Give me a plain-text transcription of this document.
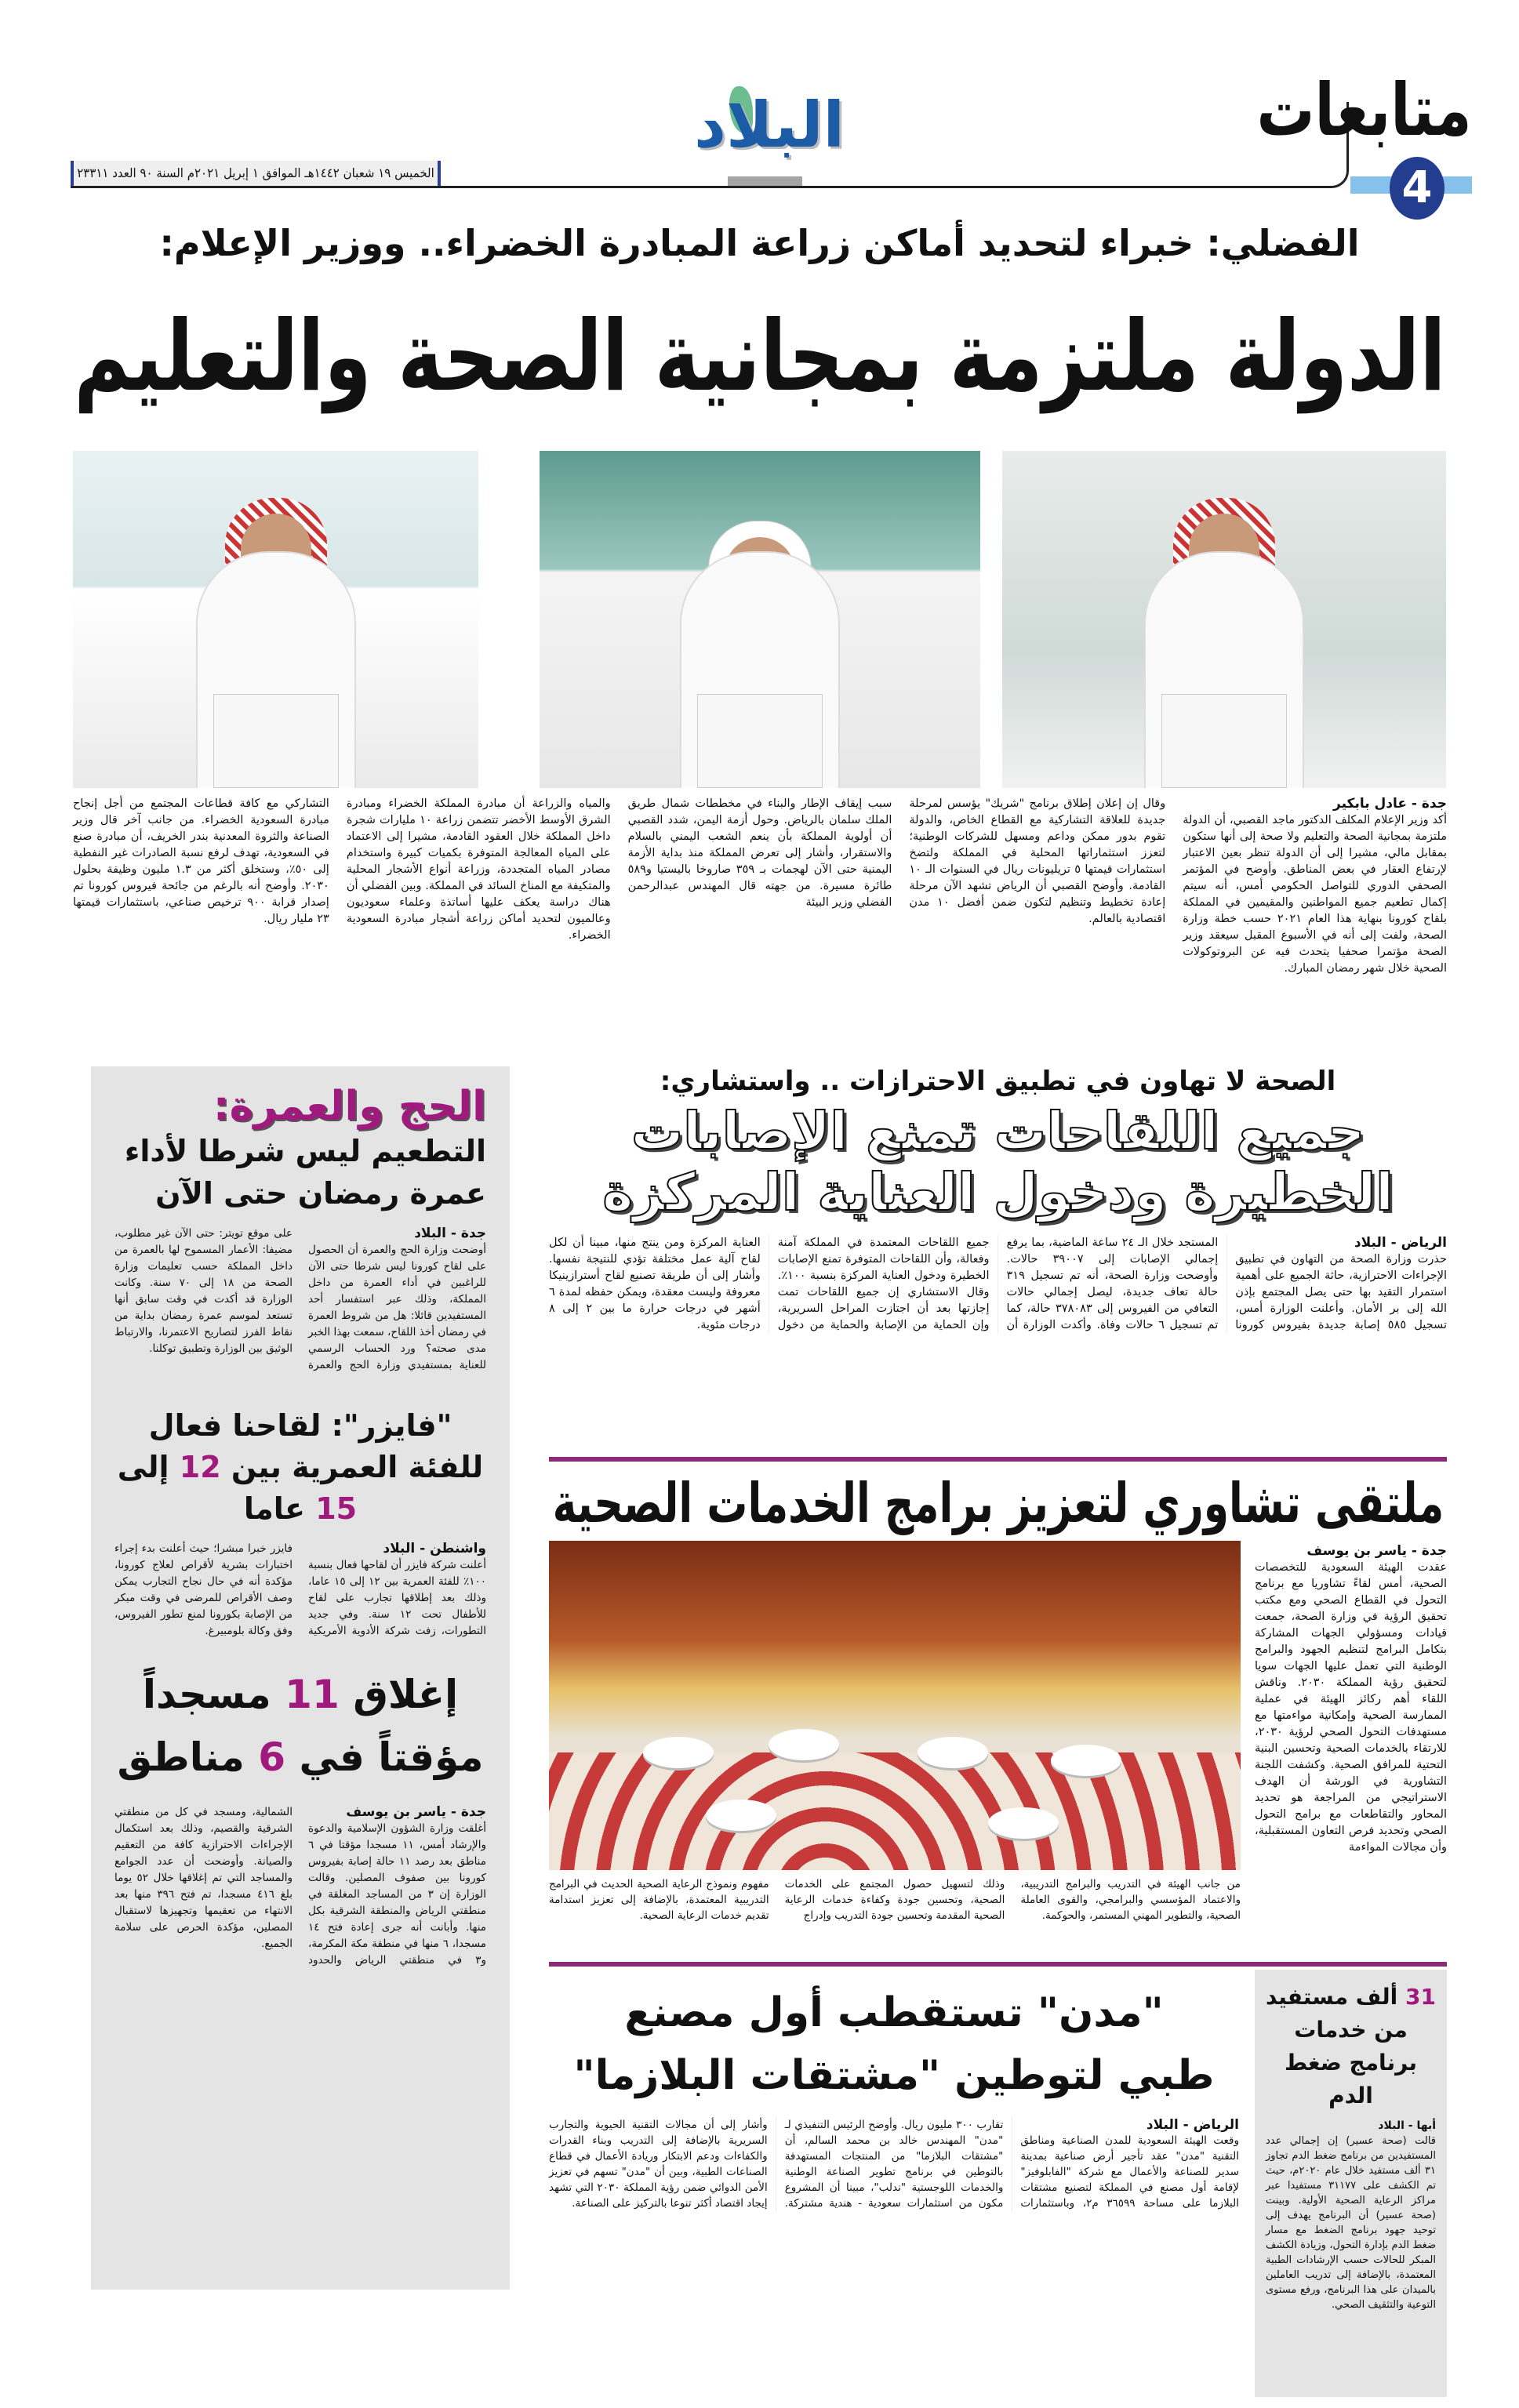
متابعات
4
البلاد
الخميس ١٩ شعبان ١٤٤٢هـ الموافق ١ إبريل ٢٠٢١م السنة ٩٠ العدد ٢٣٣١١
الفضلي: خبراء لتحديد أماكن زراعة المبادرة الخضراء.. ووزير الإعلام:
الدولة ملتزمة بمجانية الصحة والتعليم
جدة - عادل بابكير

أكد وزير الإعلام المكلف الدكتور ماجد القصبي، أن الدولة ملتزمة بمجانية الصحة والتعليم ولا صحة إلى أنها ستكون بمقابل مالي، مشيرا إلى أن الدولة تنظر بعين الاعتبار لإرتفاع العقار في بعض المناطق. وأوضح في المؤتمر الصحفي الدوري للتواصل الحكومي أمس، أنه سيتم إكمال تطعيم جميع المواطنين والمقيمين في المملكة بلقاح كورونا بنهاية هذا العام ٢٠٢١ حسب خطة وزارة الصحة، ولفت إلى أنه في الأسبوع المقبل سيعقد وزير الصحة مؤتمرا صحفيا يتحدث فيه عن البروتوكولات الصحية خلال شهر رمضان المبارك.

وقال إن إعلان إطلاق برنامج "شريك" يؤسس لمرحلة جديدة للعلاقة التشاركية مع القطاع الخاص، والدولة تقوم بدور ممكن وداعم ومسهل للشركات الوطنية؛ لتعزز استثماراتها المحلية في المملكة ولتضخ استثمارات قيمتها ٥ تريليونات ريال في السنوات الـ ١٠ القادمة. وأوضح القصبي أن الرياض تشهد الآن مرحلة إعادة تخطيط وتنظيم لتكون ضمن أفضل ١٠ مدن اقتصادية بالعالم.

سبب إيقاف الإطار والبناء في مخططات شمال طريق الملك سلمان بالرياض. وحول أزمة اليمن، شدد القصبي أن أولوية المملكة بأن ينعم الشعب اليمني بالسلام والاستقرار، وأشار إلى تعرض المملكة منذ بداية الأزمة اليمنية حتى الآن لهجمات بـ ٣٥٩ صاروخا باليستيا و٥٨٩ طائرة مسيرة. من جهته قال المهندس عبدالرحمن الفضلي وزير البيئة

والمياه والزراعة أن مبادرة المملكة الخضراء ومبادرة الشرق الأوسط الأخضر تتضمن زراعة ١٠ مليارات شجرة داخل المملكة خلال العقود القادمة، مشيرا إلى الاعتماد على المياه المعالجة المتوفرة بكميات كبيرة واستخدام مصادر المياه المتجددة، وزراعة أنواع الأشجار المحلية والمتكيفة مع المناخ السائد في المملكة. وبين الفضلي أن هناك دراسة يعكف عليها أساتذة وعلماء سعوديون وعالميون لتحديد أماكن زراعة أشجار مبادرة السعودية الخضراء.

التشاركي مع كافة قطاعات المجتمع من أجل إنجاح مبادرة السعودية الخضراء. من جانب آخر قال وزير الصناعة والثروة المعدنية بندر الخريف، أن مبادرة صنع في السعودية، تهدف لرفع نسبة الصادرات غير النفطية إلى ٥٠٪، وستخلق أكثر من ١.٣ مليون وظيفة بحلول ٢٠٣٠. وأوضح أنه بالرغم من جائحة فيروس كورونا تم إصدار قرابة ٩٠٠ ترخيص صناعي، باستثمارات قيمتها ٢٣ مليار ريال.

الحج والعمرة:
التطعيم ليس شرطا لأداء عمرة رمضان حتى الآن
جدة - البلاد
أوضحت وزارة الحج والعمرة أن الحصول على لقاح كورونا ليس شرطا حتى الآن للراغبين في أداء العمرة من داخل المملكة، وذلك عبر استفسار أحد المستفيدين قائلا: هل من شروط العمرة في رمضان أخذ اللقاح، سمعت بهذا الخبر مدى صحته؟ ورد الحساب الرسمي للعناية بمستفيدي وزارة الحج والعمرة على موقع تويتر: حتى الآن غير مطلوب، مضيفا: الأعمار المسموح لها بالعمرة من داخل المملكة حسب تعليمات وزارة الصحة من ١٨ إلى ٧٠ سنة. وكانت الوزارة قد أكدت في وقت سابق أنها تستعد لموسم عمرة رمضان بداية من نقاط الفرز لتصاريح الاعتمرنا، والارتباط الوثيق بين الوزارة وتطبيق توكلنا.
"فايزر": لقاحنا فعال للفئة العمرية بين 12 إلى 15 عاما
واشنطن - البلاد
أعلنت شركة فايزر أن لقاحها فعال بنسبة ١٠٠٪ للفئة العمرية بين ١٢ إلى ١٥ عاما، وذلك بعد إطلاقها تجارب على لقاح للأطفال تحت ١٢ سنة. وفي جديد التطورات، زفت شركة الأدوية الأمريكية فايزر خبرا مبشرا؛ حيث أعلنت بدء إجراء اختبارات بشرية لأقراص لعلاج كورونا، مؤكدة أنه في حال نجاح التجارب يمكن وصف الأقراص للمرضى في وقت مبكر من الإصابة بكورونا لمنع تطور الفيروس، وفق وكالة بلومبيرغ.
إغلاق 11 مسجداً مؤقتاً في 6 مناطق
جدة - ياسر بن يوسف
أغلقت وزارة الشؤون الإسلامية والدعوة والإرشاد أمس، ١١ مسجدا مؤقتا في ٦ مناطق بعد رصد ١١ حالة إصابة بفيروس كورونا بين صفوف المصلين. وقالت الوزارة إن ٣ من المساجد المغلقة في منطقتي الرياض والمنطقة الشرقية بكل منها. وأبانت أنه جرى إعادة فتح ١٤ مسجدا، ٦ منها في منطقة مكة المكرمة، و٣ في منطقتي الرياض والحدود الشمالية، ومسجد في كل من منطقتي الشرقية والقصيم، وذلك بعد استكمال الإجراءات الاحترازية كافة من التعقيم والصيانة. وأوضحت أن عدد الجوامع والمساجد التي تم إغلاقها خلال ٥٢ يوما بلغ ٤١٦ مسجدا، تم فتح ٣٩٦ منها بعد الانتهاء من تعقيمها وتجهيزها لاستقبال المصلين، مؤكدة الحرص على سلامة الجميع.
الصحة لا تهاون في تطبيق الاحترازات .. واستشاري:
جميع اللقاحات تمنع الإصابات
الخطيرة ودخول العناية المركزة
الرياض - البلاد
حذرت وزارة الصحة من التهاون في تطبيق الإجراءات الاحترازية، حاثة الجميع على أهمية استمرار التقيد بها حتى يصل المجتمع بإذن الله إلى بر الأمان. وأعلنت الوزارة أمس، تسجيل ٥٨٥ إصابة جديدة بفيروس كورونا المستجد خلال الـ ٢٤ ساعة الماضية، بما يرفع إجمالي الإصابات إلى ٣٩٠٠٧ حالات. وأوضحت وزارة الصحة، أنه تم تسجيل ٣١٩ حالة تعاف جديدة، ليصل إجمالي حالات التعافي من الفيروس إلى ٣٧٨٠٨٣ حالة، كما تم تسجيل ٦ حالات وفاة. وأكدت الوزارة أن جميع اللقاحات المعتمدة في المملكة آمنة وفعالة، وأن اللقاحات المتوفرة تمنع الإصابات الخطيرة ودخول العناية المركزة بنسبة ١٠٠٪. وقال الاستشاري إن جميع اللقاحات تمت إجازتها بعد أن اجتازت المراحل السريرية، وإن الحماية من الإصابة والحماية من دخول العناية المركزة ومن ينتج منها، مبينا أن لكل لقاح آلية عمل مختلفة تؤدي للنتيجة نفسها. وأشار إلى أن طريقة تصنيع لقاح أسترازينيكا معروفة وليست معقدة، ويمكن حفظه لمدة ٦ أشهر في درجات حرارة ما بين ٢ إلى ٨ درجات مئوية.
ملتقى تشاوري لتعزيز برامج الخدمات الصحية
جدة - ياسر بن يوسف
عقدت الهيئة السعودية للتخصصات الصحية، أمس لقاءً تشاوريا مع برنامج التحول في القطاع الصحي ومع مكتب تحقيق الرؤية في وزارة الصحة، جمعت قيادات ومسؤولي الجهات المشاركة بتكامل البرامج لتنظيم الجهود والبرامج الوطنية التي تعمل عليها الجهات سويا لتحقيق رؤية المملكة ٢٠٣٠. وناقش اللقاء أهم ركائز الهيئة في عملية الممارسة الصحية وإمكانية مواءمتها مع مستهدفات التحول الصحي لرؤية ٢٠٣٠، للارتقاء بالخدمات الصحية وتحسين البنية التحتية للمرافق الصحية. وكشفت اللجنة التشاورية في الورشة أن الهدف الاستراتيجي من المراجعة هو تحديد المحاور والتقاطعات مع برامج التحول الصحي وتحديد فرص التعاون المستقبلية، وأن مجالات المواءمة

من جانب الهيئة في التدريب والبرامج التدريبية، والاعتماد المؤسسي والبرامجي، والقوى العاملة الصحية، والتطوير المهني المستمر، والحوكمة.

وذلك لتسهيل حصول المجتمع على الخدمات الصحية، وتحسين جودة وكفاءة خدمات الرعاية الصحية المقدمة وتحسين جودة التدريب وإدراج

مفهوم ونموذج الرعاية الصحية الحديث في البرامج التدريبية المعتمدة، بالإضافة إلى تعزيز استدامة تقديم خدمات الرعاية الصحية.

"مدن" تستقطب أول مصنع
طبي لتوطين "مشتقات البلازما"
الرياض - البلاد
وقعت الهيئة السعودية للمدن الصناعية ومناطق التقنية "مدن" عقد تأجير أرض صناعية بمدينة سدير للصناعة والأعمال مع شركة "الفابلوفيز" لإقامة أول مصنع في المملكة لتصنيع مشتقات البلازما على مساحة ٣٦٥٩٩ م٢، وباستثمارات تقارب ٣٠٠ مليون ريال. وأوضح الرئيس التنفيذي لـ "مدن" المهندس خالد بن محمد السالم، أن "مشتقات البلازما" من المنتجات المستهدفة بالتوطين في برنامج تطوير الصناعة الوطنية والخدمات اللوجستية "ندلب"، مبينا أن المشروع مكون من استثمارات سعودية - هندية مشتركة. وأشار إلى أن مجالات التقنية الحيوية والتجارب السريرية بالإضافة إلى التدريب وبناء القدرات والكفاءات ودعم الابتكار وريادة الأعمال في قطاع الصناعات الطبية، وبين أن "مدن" تسهم في تعزيز الأمن الدوائي ضمن رؤية المملكة ٢٠٣٠ التي تشهد إيجاد اقتصاد أكثر تنوعا بالتركيز على الصناعة.
31 ألف مستفيد من خدمات برنامج ضغط الدم
أبها - البلاد
قالت (صحة عسير) إن إجمالي عدد المستفيدين من برنامج ضغط الدم تجاوز ٣١ ألف مستفيد خلال عام ٢٠٢٠م، حيث تم الكشف على ٣١١٧٧ مستفيدا عبر مراكز الرعاية الصحية الأولية. وبينت (صحة عسير) أن البرنامج يهدف إلى توحيد جهود برنامج الضغط مع مسار ضغط الدم بإدارة التحول، وزيادة الكشف المبكر للحالات حسب الإرشادات الطبية المعتمدة، بالإضافة إلى تدريب العاملين بالميدان على هذا البرنامج، ورفع مستوى التوعية والتثقيف الصحي.
